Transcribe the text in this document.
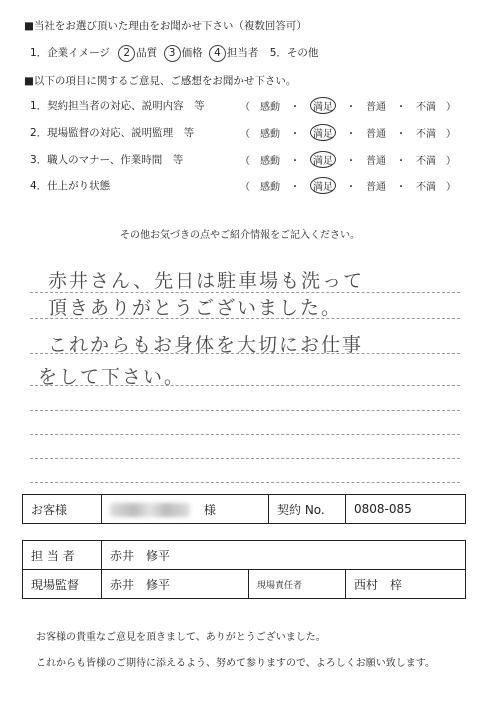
■当社をお選び頂いた理由をお聞かせ下さい（複数回答可）
1．企業イメージ 2 品質 3 価格 4 担当者 5．その他
■以下の項目に関するご意見、ご感想をお聞かせ下さい。
1．契約担当者の対応、説明内容　等	（　感動　・　満足　・　普通　・　不満　）
2．現場監督の対応、説明監理　等	（　感動　・　満足　・　普通　・　不満　）
3．職人のマナー、作業時間　等	（　感動　・　満足　・　普通　・　不満　）
4．仕上がり状態	（　感動　・　満足　・　普通　・　不満　）
その他お気づきの点やご紹介情報をご記入ください。
赤井さん、先日は駐車場も洗って
頂きありがとうございました。
これからもお身体を大切にお仕事
をして下さい。
お客様	様	契約 No.	0808-085
担 当 者	赤井　修平		
現場監督	赤井　修平	現場責任者	西村　梓
お客様の貴重なご意見を頂きまして、ありがとうございました。
これからも皆様のご期待に添えるよう、努めて参りますので、よろしくお願い致します。
